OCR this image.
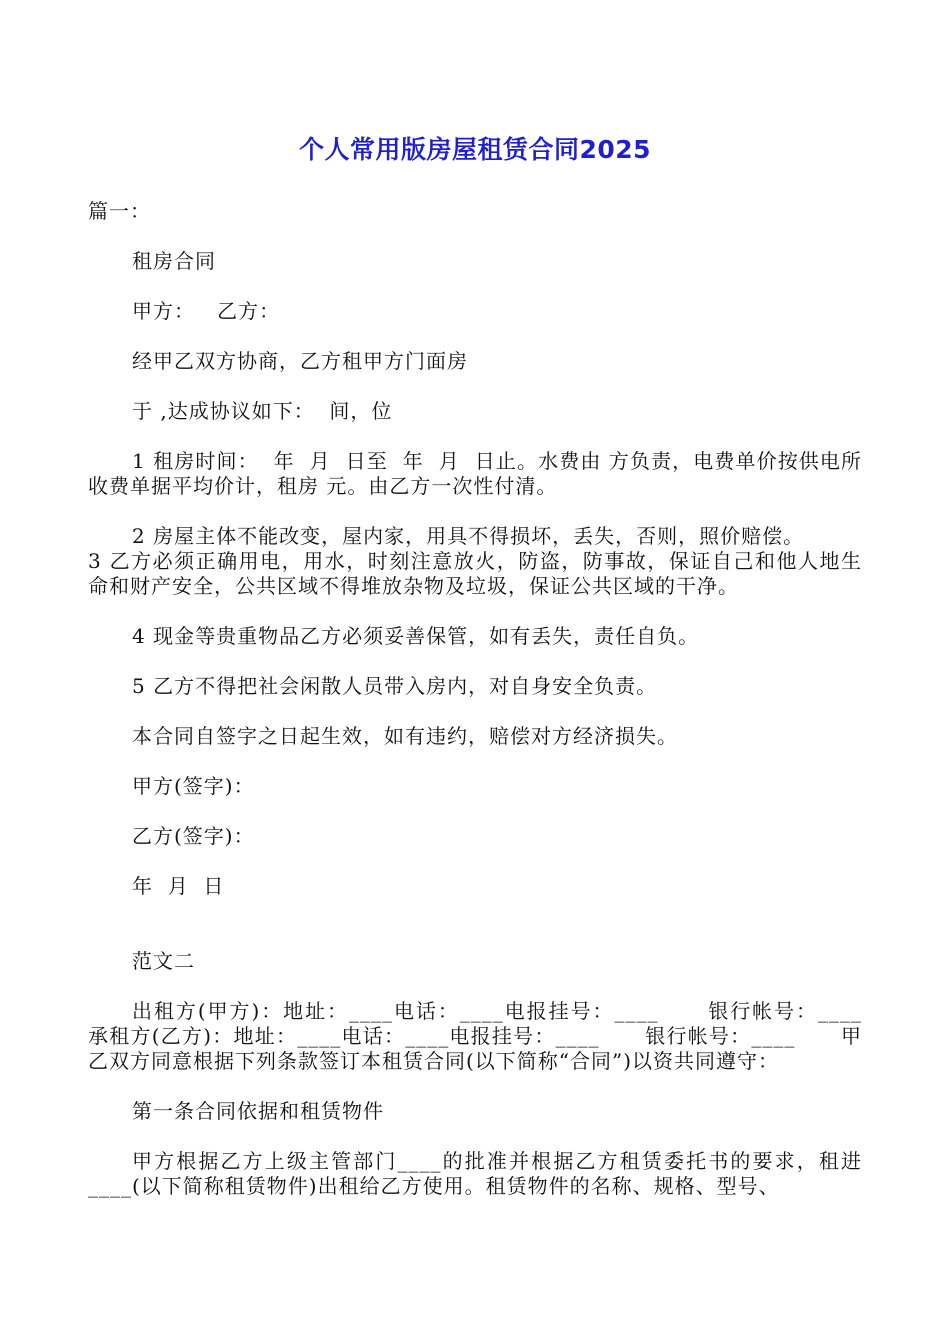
个人常用版房屋租赁合同2025

篇一：

租房合同

甲方：   乙方：

经甲乙双方协商，乙方租甲方门面房

于 ,达成协议如下：  间，位

1 租房时间：  年  月  日至  年  月  日止。水费由 方负责，电费单价按供电所收费单据平均价计，租房 元。由乙方一次性付清。

2 房屋主体不能改变，屋内家，用具不得损坏，丢失，否则，照价赔偿。

3 乙方必须正确用电，用水，时刻注意放火，防盗，防事故，保证自己和他人地生命和财产安全，公共区域不得堆放杂物及垃圾，保证公共区域的干净。

4 现金等贵重物品乙方必须妥善保管，如有丢失，责任自负。

5 乙方不得把社会闲散人员带入房内，对自身安全负责。

本合同自签字之日起生效，如有违约，赔偿对方经济损失。

甲方(签字)：

乙方(签字)：

年  月  日

范文二

出租方(甲方)：地址：____电话：____电报挂号：____      银行帐号：____      承租方(乙方)：地址：____电话：____电报挂号：____      银行帐号：____      甲乙双方同意根据下列条款签订本租赁合同(以下简称“合同”)以资共同遵守：

第一条合同依据和租赁物件

甲方根据乙方上级主管部门____的批准并根据乙方租赁委托书的要求，租进____(以下简称租赁物件)出租给乙方使用。租赁物件的名称、规格、型号、
